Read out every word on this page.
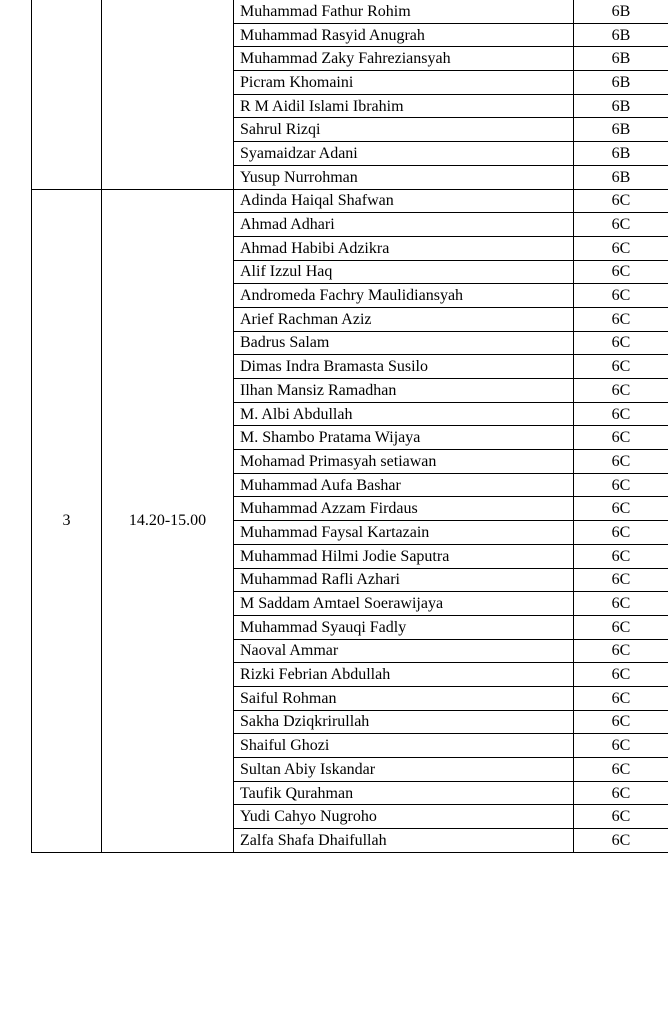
		Muhammad Fathur Rohim	6B
		Muhammad Rasyid Anugrah	6B
		Muhammad Zaky Fahreziansyah	6B
		Picram Khomaini	6B
		R M Aidil Islami Ibrahim	6B
		Sahrul Rizqi	6B
		Syamaidzar Adani	6B
		Yusup Nurrohman	6B
3	14.20-15.00	Adinda Haiqal Shafwan	6C
		Ahmad Adhari	6C
		Ahmad Habibi Adzikra	6C
		Alif Izzul Haq	6C
		Andromeda Fachry Maulidiansyah	6C
		Arief Rachman Aziz	6C
		Badrus Salam	6C
		Dimas Indra Bramasta Susilo	6C
		Ilhan Mansiz Ramadhan	6C
		M. Albi Abdullah	6C
		M. Shambo Pratama Wijaya	6C
		Mohamad Primasyah setiawan	6C
		Muhammad Aufa Bashar	6C
		Muhammad Azzam Firdaus	6C
		Muhammad Faysal Kartazain	6C
		Muhammad Hilmi Jodie Saputra	6C
		Muhammad Rafli Azhari	6C
		M Saddam Amtael Soerawijaya	6C
		Muhammad Syauqi Fadly	6C
		Naoval Ammar	6C
		Rizki Febrian Abdullah	6C
		Saiful Rohman	6C
		Sakha Dziqkrirullah	6C
		Shaiful Ghozi	6C
		Sultan Abiy Iskandar	6C
		Taufik Qurahman	6C
		Yudi Cahyo Nugroho	6C
		Zalfa Shafa Dhaifullah	6C
